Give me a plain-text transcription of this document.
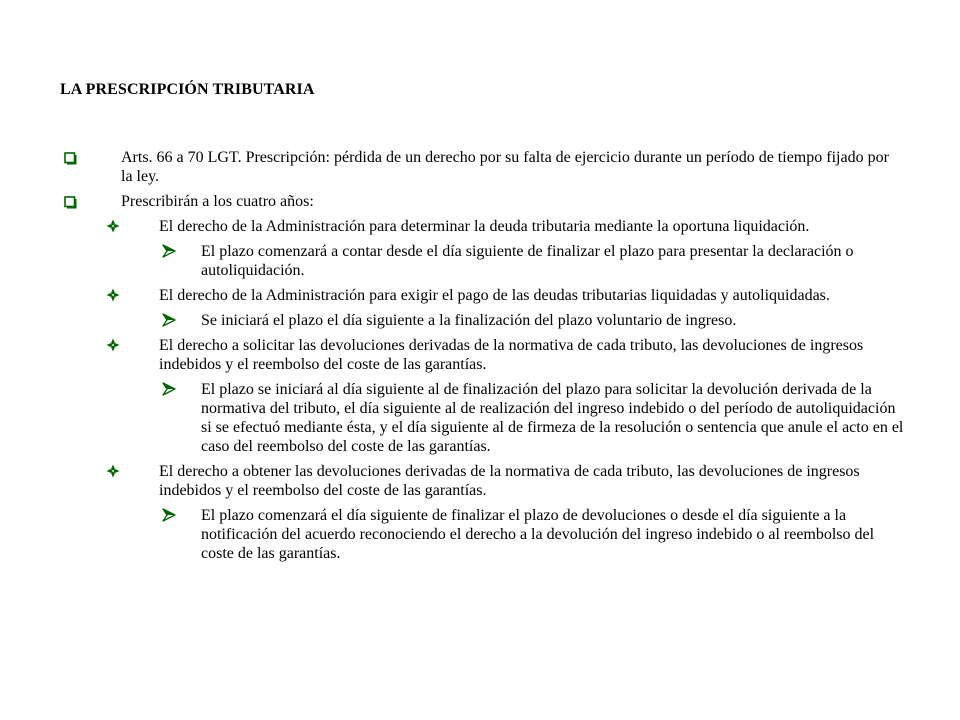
LA PRESCRIPCIÓN TRIBUTARIA
Arts. 66 a 70 LGT. Prescripción: pérdida de un derecho por su falta de ejercicio durante un período de tiempo fijado por la ley.
Prescribirán a los cuatro años:
El derecho de la Administración para determinar la deuda tributaria mediante la oportuna liquidación.
El plazo comenzará a contar desde el día siguiente de finalizar el plazo para presentar la declaración o autoliquidación.
El derecho de la Administración para exigir el pago de las deudas tributarias liquidadas y autoliquidadas.
Se iniciará el plazo el día siguiente a la finalización del plazo voluntario de ingreso.
El derecho a solicitar las devoluciones derivadas de la normativa de cada tributo, las devoluciones de ingresos indebidos y el reembolso del coste de las garantías.
El plazo se iniciará al día siguiente al de finalización del plazo para solicitar la devolución derivada de la normativa del tributo, el día siguiente al de realización del ingreso indebido o del período de autoliquidación si se efectuó mediante ésta, y el día siguiente al de firmeza de la resolución o sentencia que anule el acto en el caso del reembolso del coste de las garantías.
El derecho a obtener las devoluciones derivadas de la normativa de cada tributo, las devoluciones de ingresos indebidos y el reembolso del coste de las garantías.
El plazo comenzará el día siguiente de finalizar el plazo de devoluciones o desde el día siguiente a la notificación del acuerdo reconociendo el derecho a la devolución del ingreso indebido o al reembolso del coste de las garantías.
